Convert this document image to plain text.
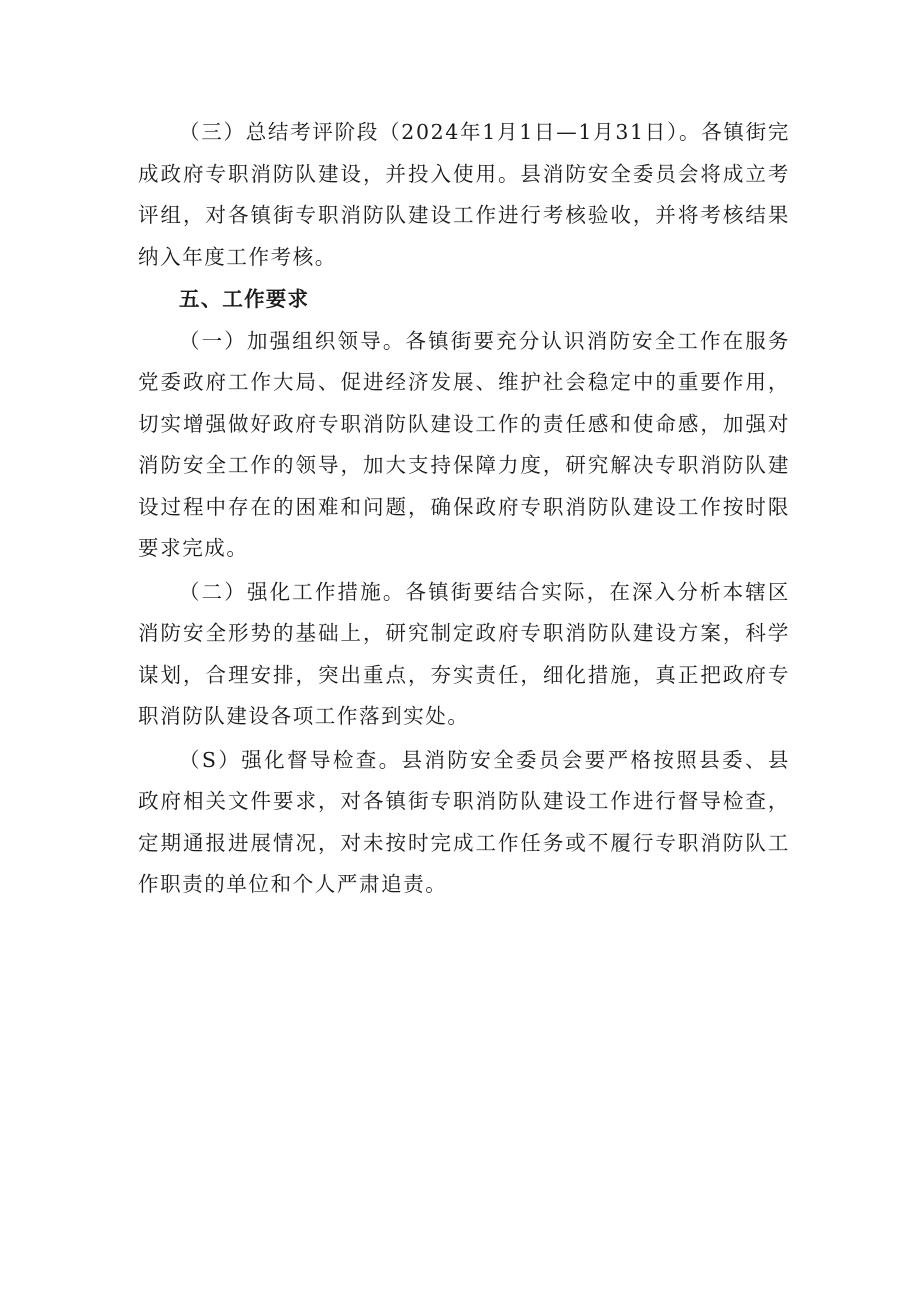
（三）总结考评阶段（2024年1月1日—1月31日）。各镇街完成政府专职消防队建设，并投入使用。县消防安全委员会将成立考评组，对各镇街专职消防队建设工作进行考核验收，并将考核结果纳入年度工作考核。

五、工作要求

（一）加强组织领导。各镇街要充分认识消防安全工作在服务党委政府工作大局、促进经济发展、维护社会稳定中的重要作用，切实增强做好政府专职消防队建设工作的责任感和使命感，加强对消防安全工作的领导，加大支持保障力度，研究解决专职消防队建设过程中存在的困难和问题，确保政府专职消防队建设工作按时限要求完成。

（二）强化工作措施。各镇街要结合实际，在深入分析本辖区消防安全形势的基础上，研究制定政府专职消防队建设方案，科学谋划，合理安排，突出重点，夯实责任，细化措施，真正把政府专职消防队建设各项工作落到实处。

（S）强化督导检查。县消防安全委员会要严格按照县委、县政府相关文件要求，对各镇街专职消防队建设工作进行督导检查，定期通报进展情况，对未按时完成工作任务或不履行专职消防队工作职责的单位和个人严肃追责。
